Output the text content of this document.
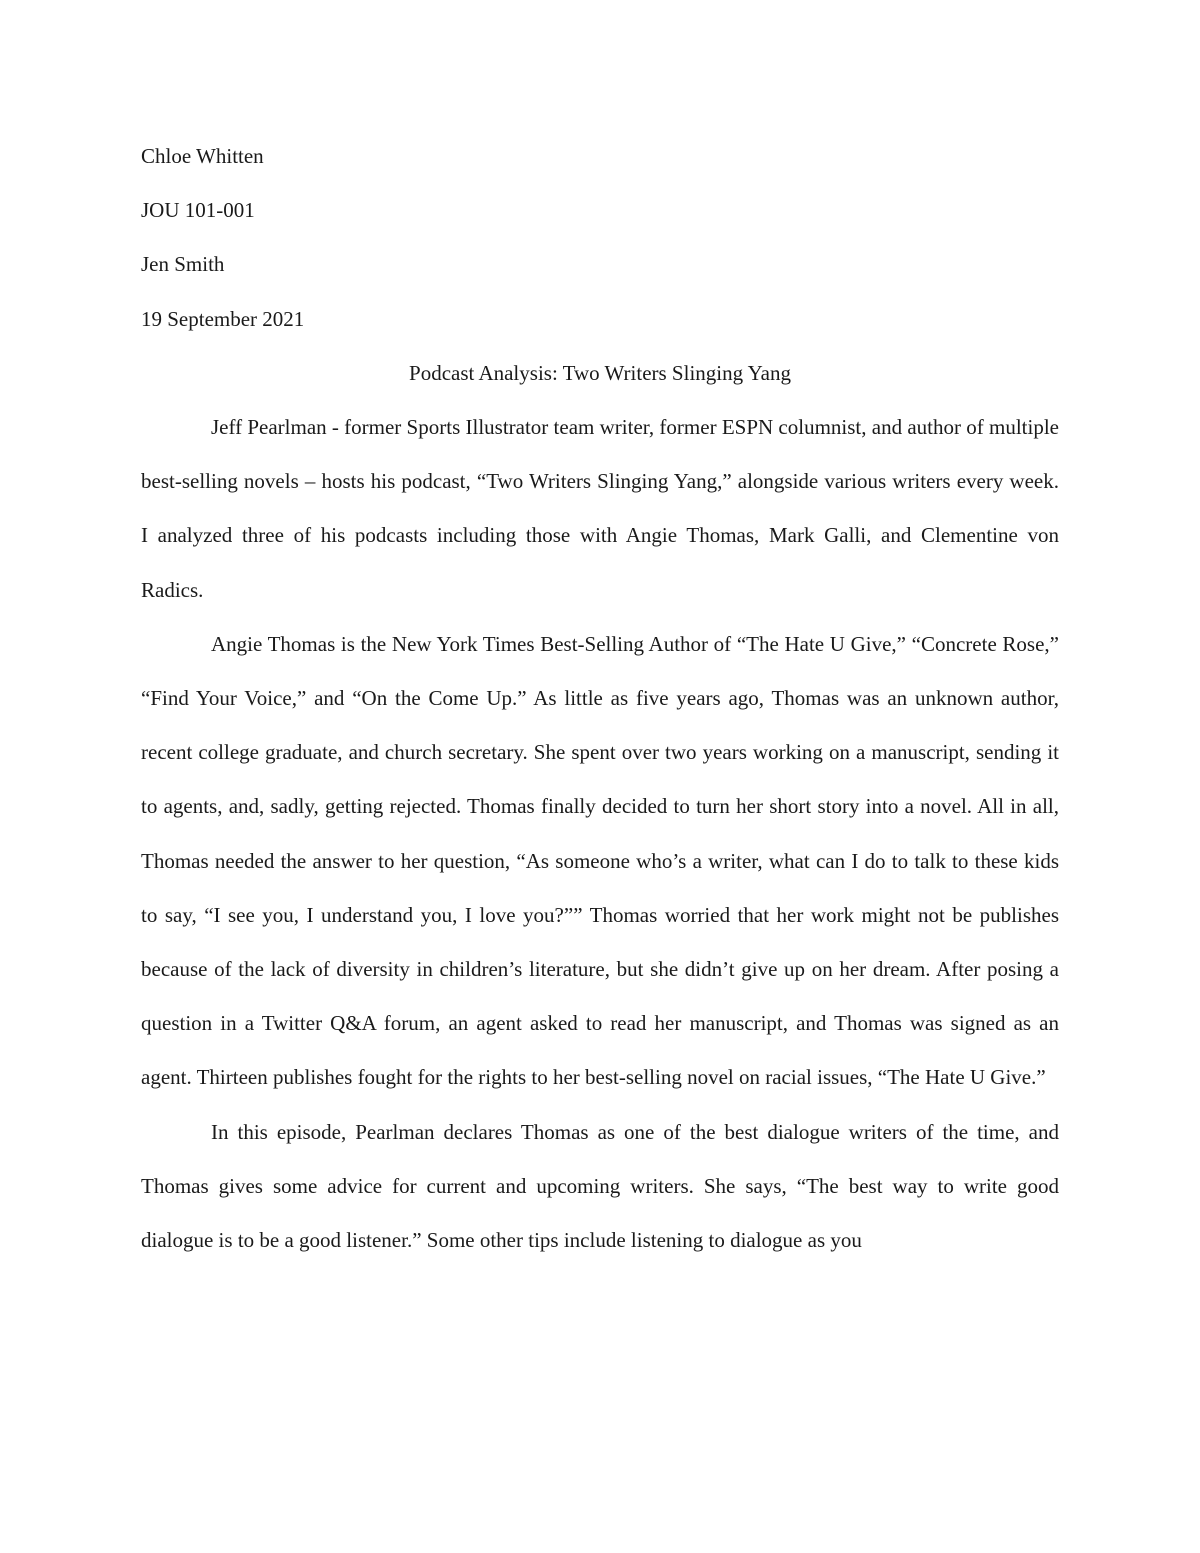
Chloe Whitten

JOU 101-001

Jen Smith

19 September 2021

Podcast Analysis: Two Writers Slinging Yang

Jeff Pearlman - former Sports Illustrator team writer, former ESPN columnist, and author of multiple best-selling novels – hosts his podcast, “Two Writers Slinging Yang,” alongside various writers every week. I analyzed three of his podcasts including those with Angie Thomas, Mark Galli, and Clementine von Radics.

Angie Thomas is the New York Times Best-Selling Author of “The Hate U Give,” “Concrete Rose,” “Find Your Voice,” and “On the Come Up.” As little as five years ago, Thomas was an unknown author, recent college graduate, and church secretary. She spent over two years working on a manuscript, sending it to agents, and, sadly, getting rejected. Thomas finally decided to turn her short story into a novel. All in all, Thomas needed the answer to her question, “As someone who’s a writer, what can I do to talk to these kids to say, “I see you, I understand you, I love you?”” Thomas worried that her work might not be publishes because of the lack of diversity in children’s literature, but she didn’t give up on her dream. After posing a question in a Twitter Q&A forum, an agent asked to read her manuscript, and Thomas was signed as an agent. Thirteen publishes fought for the rights to her best-selling novel on racial issues, “The Hate U Give.”

In this episode, Pearlman declares Thomas as one of the best dialogue writers of the time, and Thomas gives some advice for current and upcoming writers. She says, “The best way to write good dialogue is to be a good listener.” Some other tips include listening to dialogue as you
